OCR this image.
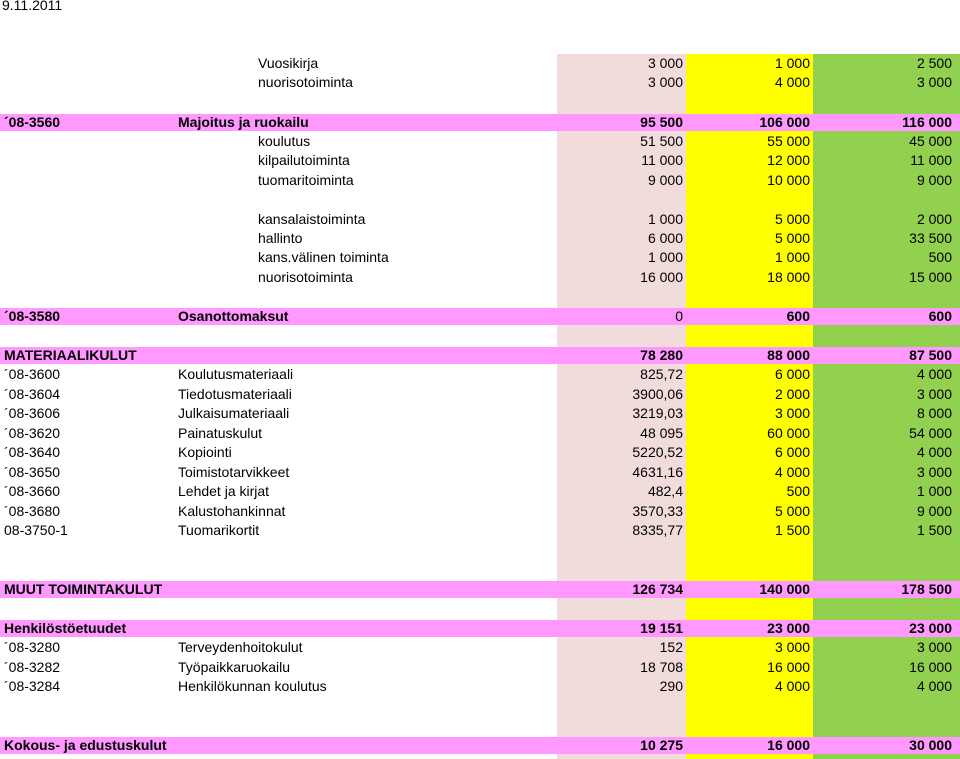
9.11.2011
Vuosikirja	3 000	1 000	2 500
nuorisotoiminta	3 000	4 000	3 000
´08-3560	Majoitus ja ruokailu	95 500	106 000	116 000
koulutus	51 500	55 000	45 000
kilpailutoiminta	11 000	12 000	11 000
tuomaritoiminta	9 000	10 000	9 000
kansalaistoiminta	1 000	5 000	2 000
hallinto	6 000	5 000	33 500
kans.välinen toiminta	1 000	1 000	500
nuorisotoiminta	16 000	18 000	15 000
´08-3580	Osanottomaksut	0	600	600
MATERIAALIKULUT	78 280	88 000	87 500
´08-3600	Koulutusmateriaali	825,72	6 000	4 000
´08-3604	Tiedotusmateriaali	3900,06	2 000	3 000
´08-3606	Julkaisumateriaali	3219,03	3 000	8 000
´08-3620	Painatuskulut	48 095	60 000	54 000
´08-3640	Kopiointi	5220,52	6 000	4 000
´08-3650	Toimistotarvikkeet	4631,16	4 000	3 000
´08-3660	Lehdet ja kirjat	482,4	500	1 000
´08-3680	Kalustohankinnat	3570,33	5 000	9 000
08-3750-1	Tuomarikortit	8335,77	1 500	1 500
MUUT TOIMINTAKULUT	126 734	140 000	178 500
Henkilöstöetuudet	19 151	23 000	23 000
´08-3280	Terveydenhoitokulut	152	3 000	3 000
´08-3282	Työpaikkaruokailu	18 708	16 000	16 000
´08-3284	Henkilökunnan koulutus	290	4 000	4 000
Kokous- ja edustuskulut	10 275	16 000	30 000
